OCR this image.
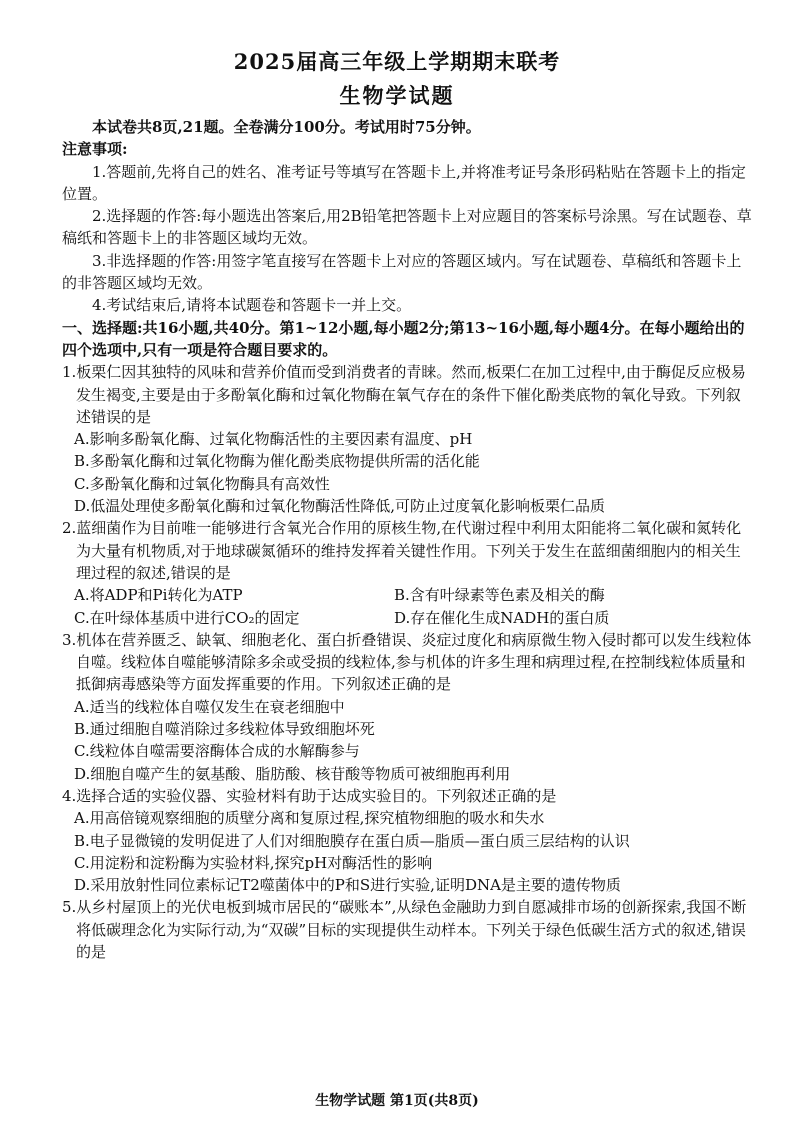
2025届高三年级上学期期末联考
生物学试题

本试卷共8页,21题。全卷满分100分。考试用时75分钟。

注意事项:

1.答题前,先将自己的姓名、准考证号等填写在答题卡上,并将准考证号条形码粘贴在答题卡上的指定位置。

2.选择题的作答:每小题选出答案后,用2B铅笔把答题卡上对应题目的答案标号涂黑。写在试题卷、草稿纸和答题卡上的非答题区域均无效。

3.非选择题的作答:用签字笔直接写在答题卡上对应的答题区域内。写在试题卷、草稿纸和答题卡上的非答题区域均无效。

4.考试结束后,请将本试题卷和答题卡一并上交。

一、选择题:共16小题,共40分。第1~12小题,每小题2分;第13~16小题,每小题4分。在每小题给出的四个选项中,只有一项是符合题目要求的。

1.板栗仁因其独特的风味和营养价值而受到消费者的青睐。然而,板栗仁在加工过程中,由于酶促反应极易发生褐变,主要是由于多酚氧化酶和过氧化物酶在氧气存在的条件下催化酚类底物的氧化导致。下列叙述错误的是

A.影响多酚氧化酶、过氧化物酶活性的主要因素有温度、pH

B.多酚氧化酶和过氧化物酶为催化酚类底物提供所需的活化能

C.多酚氧化酶和过氧化物酶具有高效性

D.低温处理使多酚氧化酶和过氧化物酶活性降低,可防止过度氧化影响板栗仁品质

2.蓝细菌作为目前唯一能够进行含氧光合作用的原核生物,在代谢过程中利用太阳能将二氧化碳和氮转化为大量有机物质,对于地球碳氮循环的维持发挥着关键性作用。下列关于发生在蓝细菌细胞内的相关生理过程的叙述,错误的是

A.将ADP和Pi转化为ATP	B.含有叶绿素等色素及相关的酶
C.在叶绿体基质中进行CO₂的固定	D.存在催化生成NADH的蛋白质

3.机体在营养匮乏、缺氧、细胞老化、蛋白折叠错误、炎症过度化和病原微生物入侵时都可以发生线粒体自噬。线粒体自噬能够清除多余或受损的线粒体,参与机体的许多生理和病理过程,在控制线粒体质量和抵御病毒感染等方面发挥重要的作用。下列叙述正确的是

A.适当的线粒体自噬仅发生在衰老细胞中

B.通过细胞自噬消除过多线粒体导致细胞坏死

C.线粒体自噬需要溶酶体合成的水解酶参与

D.细胞自噬产生的氨基酸、脂肪酸、核苷酸等物质可被细胞再利用

4.选择合适的实验仪器、实验材料有助于达成实验目的。下列叙述正确的是

A.用高倍镜观察细胞的质壁分离和复原过程,探究植物细胞的吸水和失水

B.电子显微镜的发明促进了人们对细胞膜存在蛋白质—脂质—蛋白质三层结构的认识

C.用淀粉和淀粉酶为实验材料,探究pH对酶活性的影响

D.采用放射性同位素标记T2噬菌体中的P和S进行实验,证明DNA是主要的遗传物质

5.从乡村屋顶上的光伏电板到城市居民的“碳账本”,从绿色金融助力到自愿减排市场的创新探索,我国不断将低碳理念化为实际行动,为“双碳”目标的实现提供生动样本。下列关于绿色低碳生活方式的叙述,错误的是

生物学试题 第1页(共8页)
